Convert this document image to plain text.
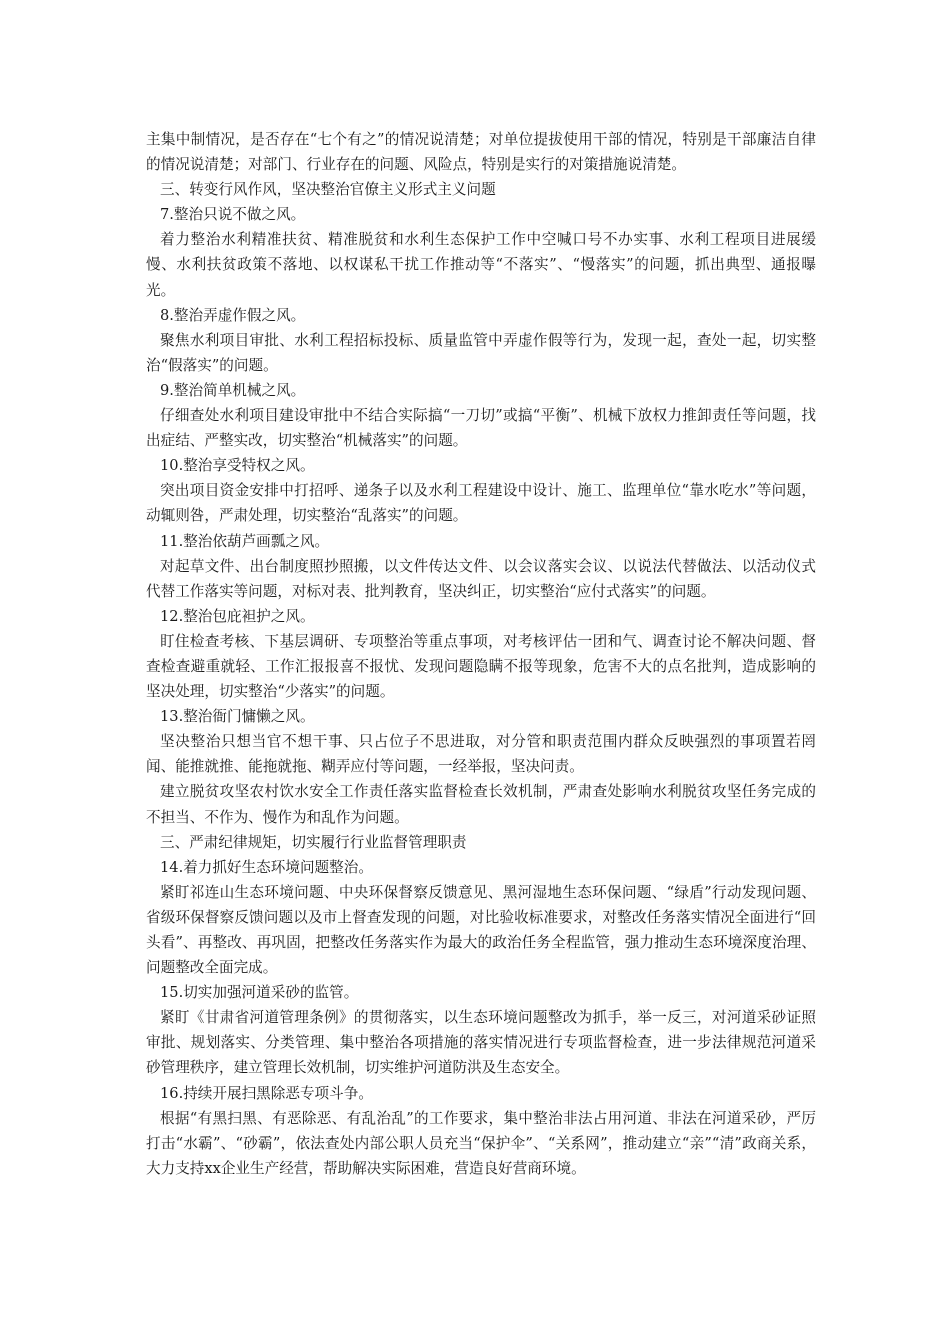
主集中制情况，是否存在“七个有之”的情况说清楚；对单位提拔使用干部的情况，特别是干部廉洁自律的情况说清楚；对部门、行业存在的问题、风险点，特别是实行的对策措施说清楚。

三、转变行风作风，坚决整治官僚主义形式主义问题

7.整治只说不做之风。

着力整治水利精准扶贫、精准脱贫和水利生态保护工作中空喊口号不办实事、水利工程项目进展缓慢、水利扶贫政策不落地、以权谋私干扰工作推动等“不落实”、“慢落实”的问题，抓出典型、通报曝光。

8.整治弄虚作假之风。

聚焦水利项目审批、水利工程招标投标、质量监管中弄虚作假等行为，发现一起，查处一起，切实整治“假落实”的问题。

9.整治简单机械之风。

仔细查处水利项目建设审批中不结合实际搞“一刀切”或搞“平衡”、机械下放权力推卸责任等问题，找出症结、严整实改，切实整治“机械落实”的问题。

10.整治享受特权之风。

突出项目资金安排中打招呼、递条子以及水利工程建设中设计、施工、监理单位“靠水吃水”等问题，动辄则咎，严肃处理，切实整治“乱落实”的问题。

11.整治依葫芦画瓢之风。

对起草文件、出台制度照抄照搬，以文件传达文件、以会议落实会议、以说法代替做法、以活动仪式代替工作落实等问题，对标对表、批判教育，坚决纠正，切实整治“应付式落实”的问题。

12.整治包庇袒护之风。

盯住检查考核、下基层调研、专项整治等重点事项，对考核评估一团和气、调查讨论不解决问题、督查检查避重就轻、工作汇报报喜不报忧、发现问题隐瞒不报等现象，危害不大的点名批判，造成影响的坚决处理，切实整治“少落实”的问题。

13.整治衙门慵懒之风。

坚决整治只想当官不想干事、只占位子不思进取，对分管和职责范围内群众反映强烈的事项置若罔闻、能推就推、能拖就拖、糊弄应付等问题，一经举报，坚决问责。

建立脱贫攻坚农村饮水安全工作责任落实监督检查长效机制，严肃查处影响水利脱贫攻坚任务完成的不担当、不作为、慢作为和乱作为问题。

三、严肃纪律规矩，切实履行行业监督管理职责

14.着力抓好生态环境问题整治。

紧盯祁连山生态环境问题、中央环保督察反馈意见、黑河湿地生态环保问题、“绿盾”行动发现问题、省级环保督察反馈问题以及市上督查发现的问题，对比验收标准要求，对整改任务落实情况全面进行“回头看”、再整改、再巩固，把整改任务落实作为最大的政治任务全程监管，强力推动生态环境深度治理、问题整改全面完成。

15.切实加强河道采砂的监管。

紧盯《甘肃省河道管理条例》的贯彻落实，以生态环境问题整改为抓手，举一反三，对河道采砂证照审批、规划落实、分类管理、集中整治各项措施的落实情况进行专项监督检查，进一步法律规范河道采砂管理秩序，建立管理长效机制，切实维护河道防洪及生态安全。

16.持续开展扫黑除恶专项斗争。

根据“有黑扫黑、有恶除恶、有乱治乱”的工作要求，集中整治非法占用河道、非法在河道采砂，严厉打击“水霸”、“砂霸”，依法查处内部公职人员充当“保护伞”、“关系网”，推动建立“亲”“清”政商关系，大力支持xx企业生产经营，帮助解决实际困难，营造良好营商环境。
